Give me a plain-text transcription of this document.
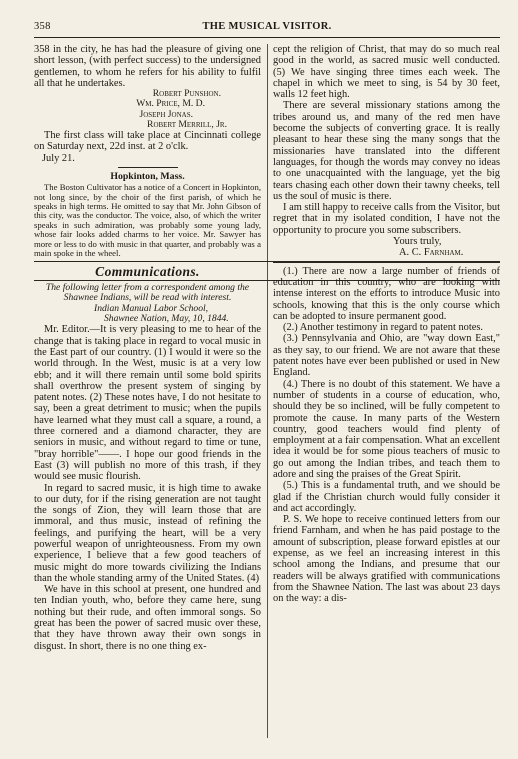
358	THE MUSICAL VISITOR.

358 in the city, he has had the pleasure of giving one short lesson, (with perfect success) to the undersigned gentlemen, to whom he refers for his ability to fulfil all that he undertakes.

Robert Punshon.
Wm. Price, M. D.
Joseph Jonas.
Robert Merrill, Jr.

The first class will take place at Cincinnati college on Saturday next, 22d inst. at 2 o'clk.

July 21.

Hopkinton, Mass.

The Boston Cultivator has a notice of a Concert in Hopkinton, not long since, by the choir of the first parish, of which he speaks in high terms. He omitted to say that Mr. John Gibson of this city, was the conductor. The voice, also, of which the writer speaks in such admiration, was probably some young lady, whose fair looks added charms to her voice. Mr. Sawyer has more or less to do with music in that quarter, and probably was a main spoke in the wheel.

Communications.
The following letter from a correspondent among the Shawnee Indians, will be read with interest.
Indian Manual Labor School,
Shawnee Nation, May, 10, 1844.

Mr. Editor.—It is very pleasing to me to hear of the change that is taking place in regard to vocal music in the East part of our country. (1) I would it were so the world through. In the West, music is at a very low ebb; and it will there remain until some bold spirits shall overthrow the present system of singing by patent notes. (2) These notes have, I do not hesitate to say, been a great detriment to music; when the pupils have learned what they must call a square, a round, a three cornered and a diamond character, they are seniors in music, and without regard to time or tune, "bray horrible"——. I hope our good friends in the East (3) will publish no more of this trash, if they would see music flourish.

In regard to sacred music, it is high time to awake to our duty, for if the rising generation are not taught the songs of Zion, they will learn those that are immoral, and thus music, instead of refining the feelings, and purifying the heart, will be a very powerful weapon of unrighteousness. From my own experience, I believe that a few good teachers of music might do more towards civilizing the Indians than the whole standing army of the United States. (4)

We have in this school at present, one hundred and ten Indian youth, who, before they came here, sung nothing but their rude, and often immoral songs. So great has been the power of sacred music over these, that they have thrown away their own songs in disgust. In short, there is no one thing ex-

cept the religion of Christ, that may do so much real good in the world, as sacred music well conducted. (5) We have singing three times each week. The chapel in which we meet to sing, is 54 by 30 feet, walls 12 feet high.

There are several missionary stations among the tribes around us, and many of the red men have become the subjects of converting grace. It is really pleasant to hear these sing the many songs that the missionaries have translated into the different languages, for though the words may convey no ideas to one unacquainted with the language, yet the big tears chasing each other down their tawny cheeks, tell us the soul of music is there.

I am still happy to receive calls from the Visitor, but regret that in my isolated condition, I have not the opportunity to procure you some subscribers.

Yours truly,
A. C. Farnham.

(1.) There are now a large number of friends of education in this country, who are looking with intense interest on the efforts to introduce Music into schools, knowing that this is the only course which can be adopted to insure permanent good.

(2.) Another testimony in regard to patent notes.

(3.) Pennsylvania and Ohio, are "way down East," as they say, to our friend. We are not aware that these patent notes have ever been published or used in New England.

(4.) There is no doubt of this statement. We have a number of students in a course of education, who, should they be so inclined, will be fully competent to promote the cause. In many parts of the Western country, good teachers would find plenty of employment at a fair compensation. What an excellent idea it would be for some pious teachers of music to go out among the Indian tribes, and teach them to adore and sing the praises of the Great Spirit.

(5.) This is a fundamental truth, and we should be glad if the Christian church would fully consider it and act accordingly.

P. S. We hope to receive continued letters from our friend Farnham, and when he has paid postage to the amount of subscription, please forward epistles at our expense, as we feel an increasing interest in this school among the Indians, and presume that our readers will be always gratified with communications from the Shawnee Nation. The last was about 23 days on the way: a dis-
